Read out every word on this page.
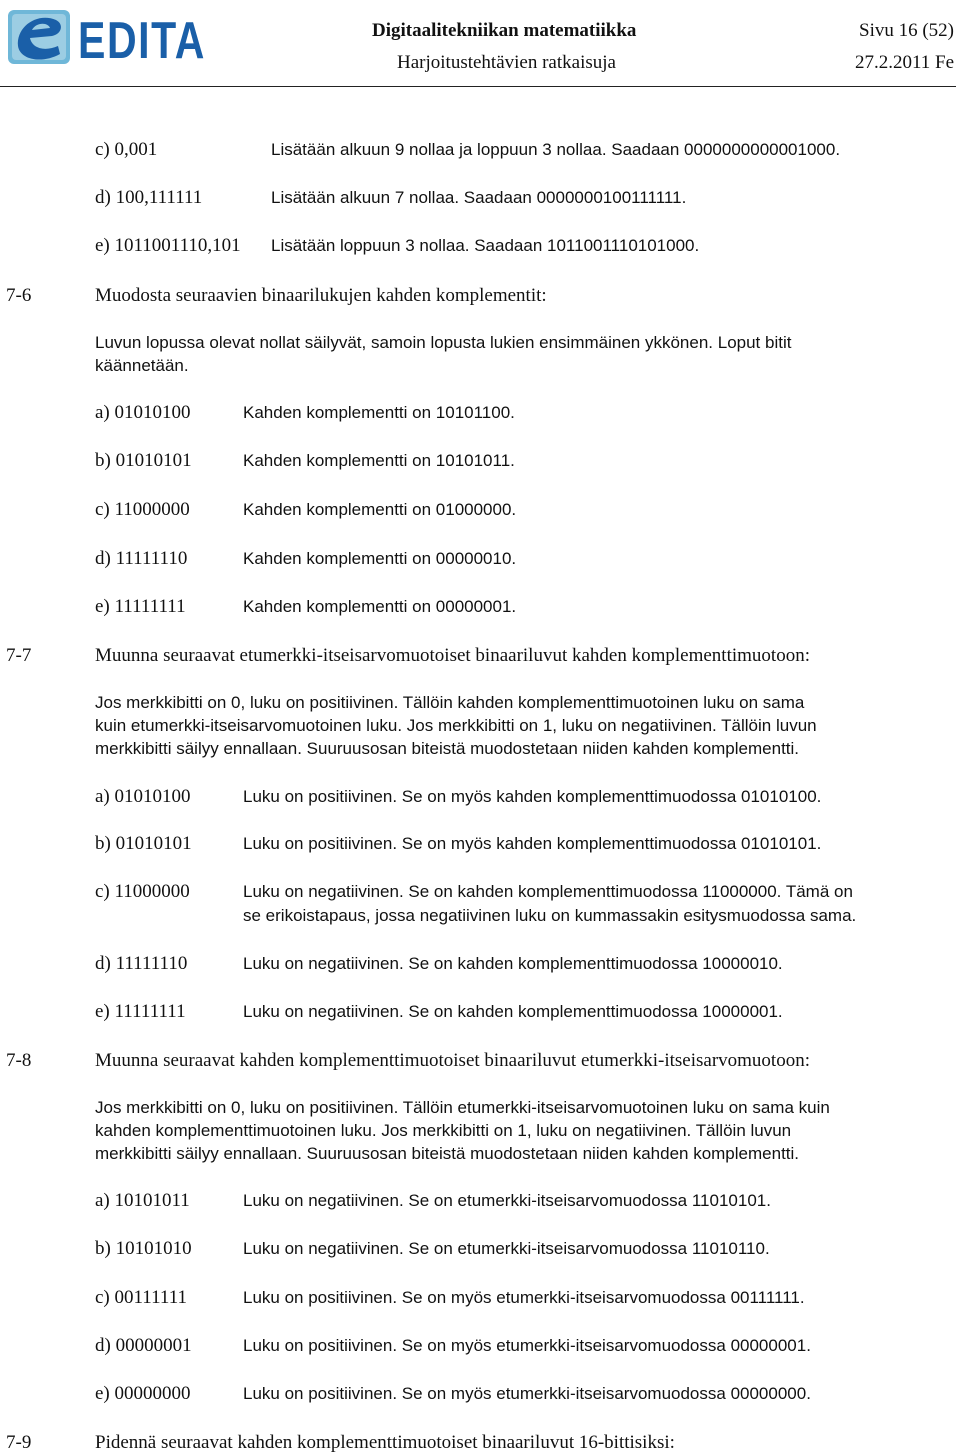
EDITA	Digitaalitekniikan matematiikka
Harjoitustehtävien ratkaisuja
Sivu 16 (52)
27.2.2011 Fe
c) 0,001	Lisätään alkuun 9 nollaa ja loppuun 3 nollaa. Saadaan 0000000000001000.
d) 100,111111	Lisätään alkuun 7 nollaa. Saadaan 0000000100111111.
e) 1011001110,101 Lisätään loppuun 3 nollaa. Saadaan 1011001110101000.
7-6	Muodosta seuraavien binaarilukujen kahden komplementit:
Luvun lopussa olevat nollat säilyvät, samoin lopusta lukien ensimmäinen ykkönen. Loput bitit
käännetään.
a) 01010100	Kahden komplementti on 10101100.
b) 01010101	Kahden komplementti on 10101011.
c) 11000000	Kahden komplementti on 01000000.
d) 11111110	Kahden komplementti on 00000010.
e) 11111111	Kahden komplementti on 00000001.
7-7	Muunna seuraavat etumerkki-itseisarvomuotoiset binaariluvut kahden komplementtimuotoon:
Jos merkkibitti on 0, luku on positiivinen. Tällöin kahden komplementtimuotoinen luku on sama
kuin etumerkki-itseisarvomuotoinen luku. Jos merkkibitti on 1, luku on negatiivinen. Tällöin luvun
merkkibitti säilyy ennallaan. Suuruusosan biteistä muodostetaan niiden kahden komplementti.
a) 01010100	Luku on positiivinen. Se on myös kahden komplementtimuodossa 01010100.
b) 01010101	Luku on positiivinen. Se on myös kahden komplementtimuodossa 01010101.
c) 11000000	Luku on negatiivinen. Se on kahden komplementtimuodossa 11000000. Tämä on
se erikoistapaus, jossa negatiivinen luku on kummassakin esitysmuodossa sama.
d) 11111110	Luku on negatiivinen. Se on kahden komplementtimuodossa 10000010.
e) 11111111	Luku on negatiivinen. Se on kahden komplementtimuodossa 10000001.
7-8	Muunna seuraavat kahden komplementtimuotoiset binaariluvut etumerkki-itseisarvomuotoon:
Jos merkkibitti on 0, luku on positiivinen. Tällöin etumerkki-itseisarvomuotoinen luku on sama kuin
kahden komplementtimuotoinen luku. Jos merkkibitti on 1, luku on negatiivinen. Tällöin luvun
merkkibitti säilyy ennallaan. Suuruusosan biteistä muodostetaan niiden kahden komplementti.
a) 10101011	Luku on negatiivinen. Se on etumerkki-itseisarvomuodossa 11010101.
b) 10101010	Luku on negatiivinen. Se on etumerkki-itseisarvomuodossa 11010110.
c) 00111111	Luku on positiivinen. Se on myös etumerkki-itseisarvomuodossa 00111111.
d) 00000001	Luku on positiivinen. Se on myös etumerkki-itseisarvomuodossa 00000001.
e) 00000000	Luku on positiivinen. Se on myös etumerkki-itseisarvomuodossa 00000000.
7-9	Pidennä seuraavat kahden komplementtimuotoiset binaariluvut 16-bittisiksi:
